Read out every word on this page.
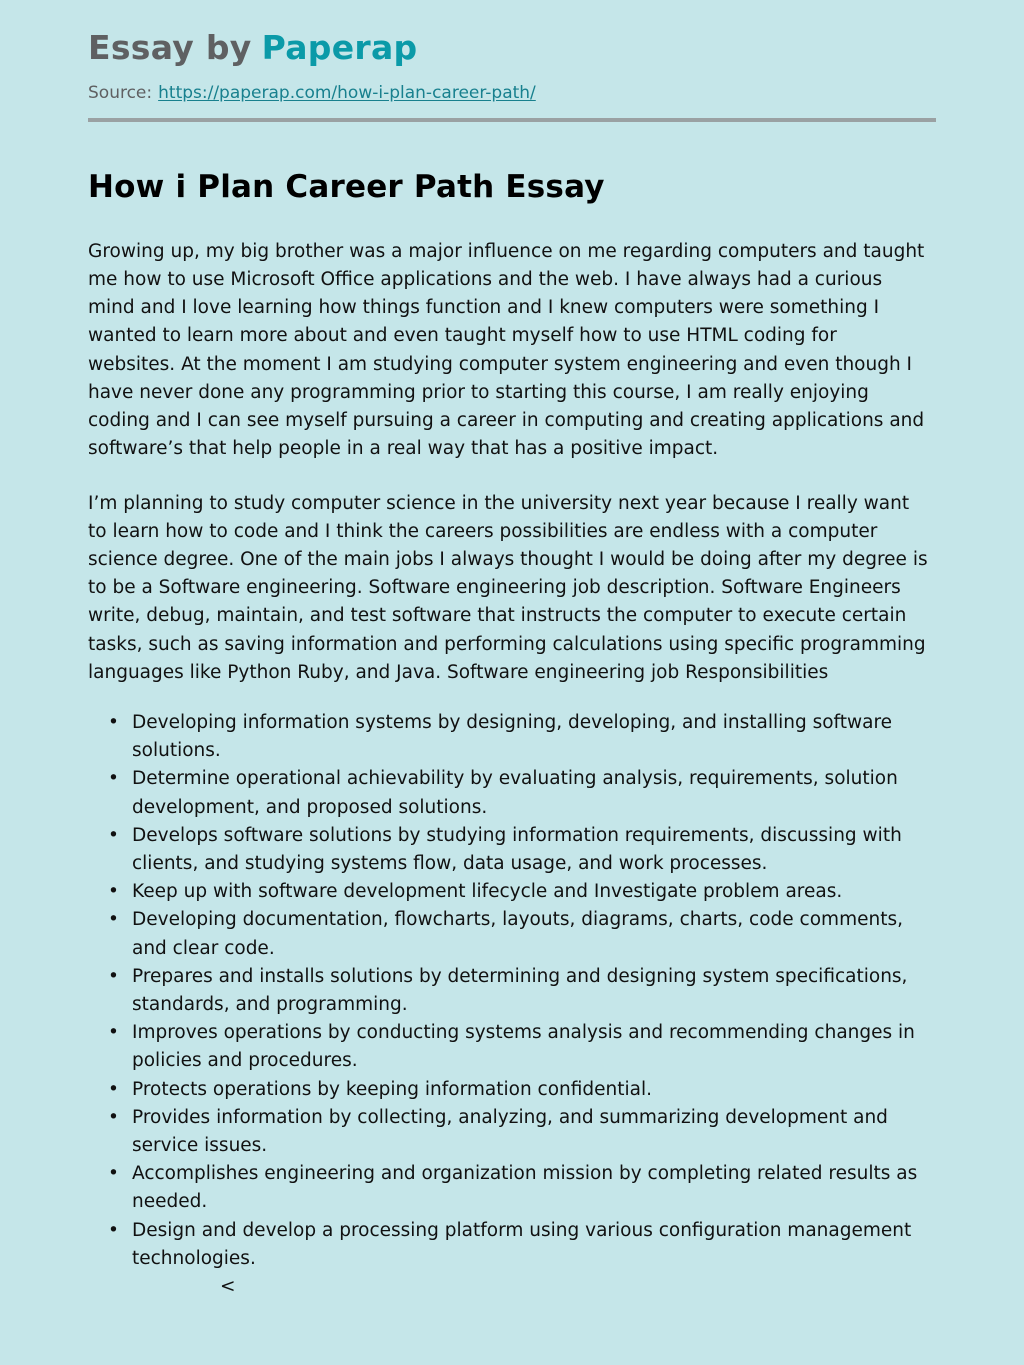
Essay by Paperap
Source: https://paperap.com/how-i-plan-career-path/
How i Plan Career Path Essay

Growing up, my big brother was a major influence on me regarding computers and taught me how to use Microsoft Office applications and the web. I have always had a curious mind and I love learning how things function and I knew computers were something I wanted to learn more about and even taught myself how to use HTML coding for websites. At the moment I am studying computer system engineering and even though I have never done any programming prior to starting this course, I am really enjoying coding and I can see myself pursuing a career in computing and creating applications and software’s that help people in a real way that has a positive impact.

I’m planning to study computer science in the university next year because I really want to learn how to code and I think the careers possibilities are endless with a computer science degree. One of the main jobs I always thought I would be doing after my degree is to be a Software engineering. Software engineering job description. Software Engineers write, debug, maintain, and test software that instructs the computer to execute certain tasks, such as saving information and performing calculations using specific programming languages like Python Ruby, and Java. Software engineering job Responsibilities

• Developing information systems by designing, developing, and installing software solutions.
• Determine operational achievability by evaluating analysis, requirements, solution development, and proposed solutions.
• Develops software solutions by studying information requirements, discussing with clients, and studying systems flow, data usage, and work processes.
• Keep up with software development lifecycle and Investigate problem areas.
• Developing documentation, flowcharts, layouts, diagrams, charts, code comments, and clear code.
• Prepares and installs solutions by determining and designing system specifications, standards, and programming.
• Improves operations by conducting systems analysis and recommending changes in policies and procedures.
• Protects operations by keeping information confidential.
• Provides information by collecting, analyzing, and summarizing development and service issues.
• Accomplishes engineering and organization mission by completing related results as needed.
• Design and develop a processing platform using various configuration management technologies.
<
